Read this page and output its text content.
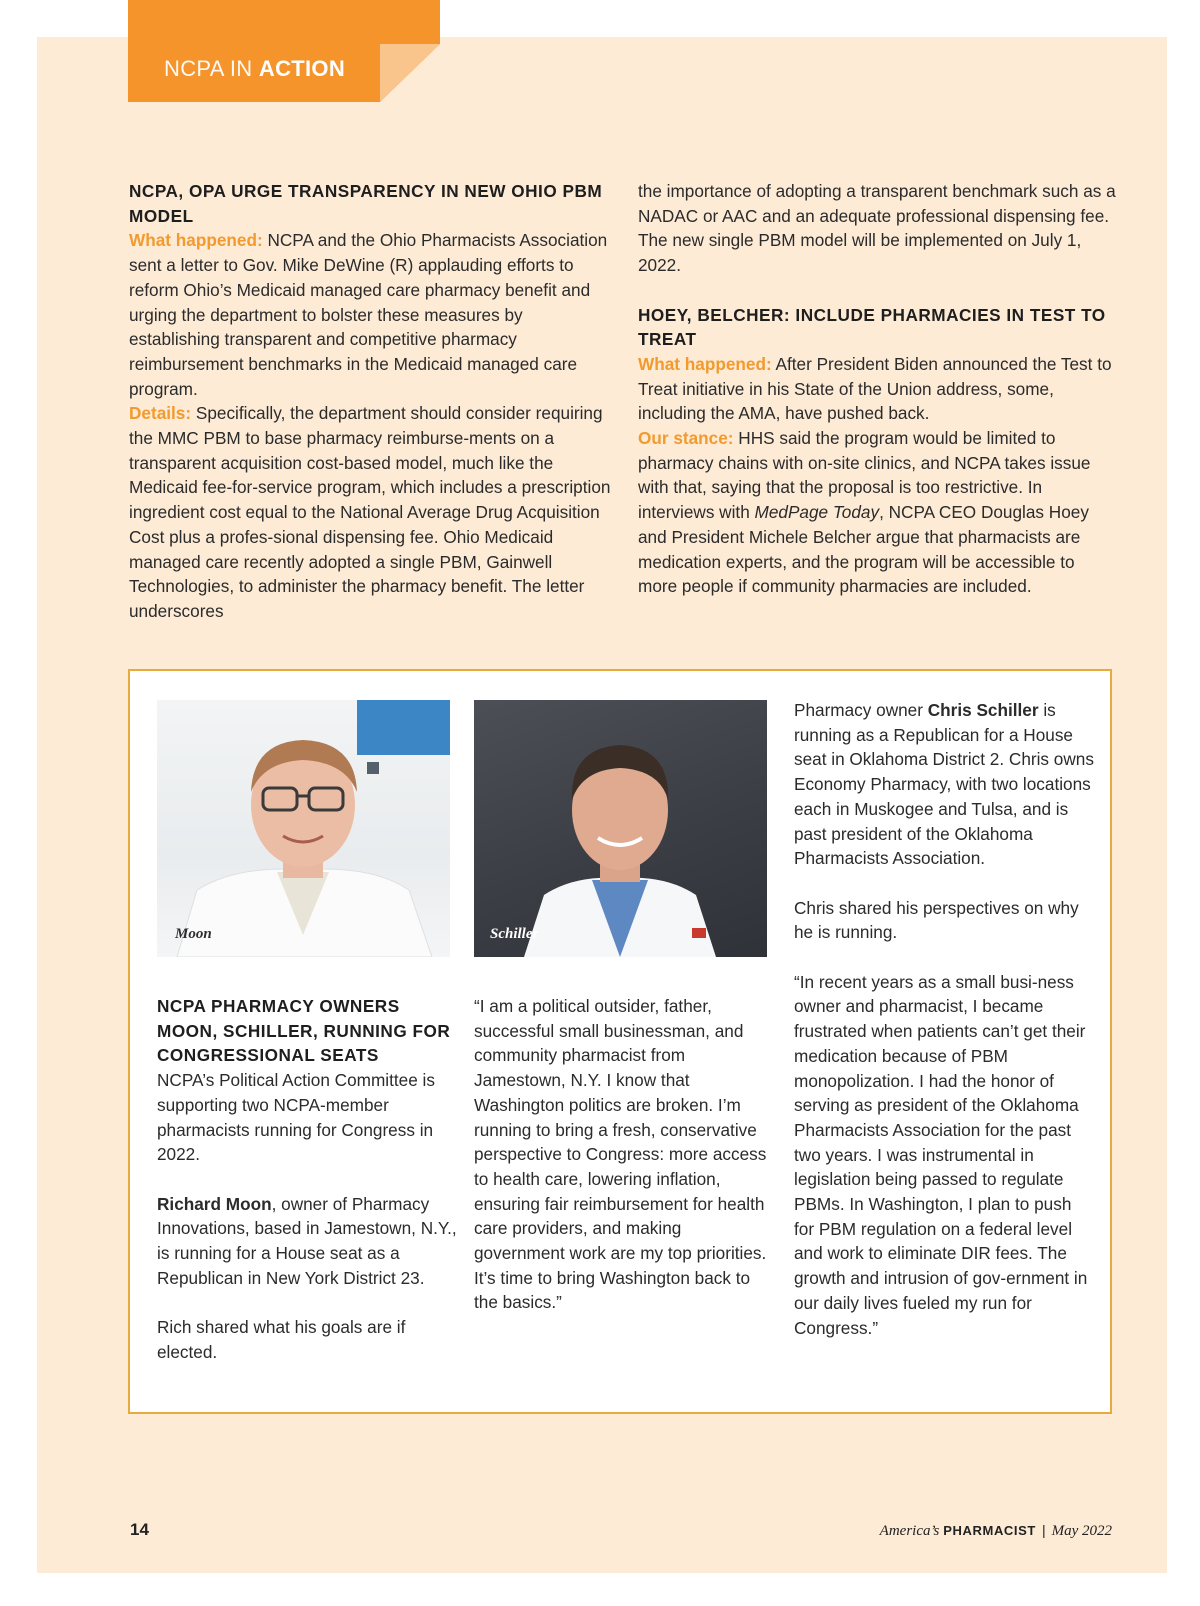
NCPA IN ACTION

NCPA, OPA URGE TRANSPARENCY IN NEW OHIO PBM MODEL

What happened: NCPA and the Ohio Pharmacists Association sent a letter to Gov. Mike DeWine (R) applauding efforts to reform Ohio’s Medicaid managed care pharmacy benefit and urging the department to bolster these measures by establishing transparent and competitive pharmacy reimbursement benchmarks in the Medicaid managed care program.

Details: Specifically, the department should consider requiring the MMC PBM to base pharmacy reimburse-ments on a transparent acquisition cost-based model, much like the Medicaid fee-for-service program, which includes a prescription ingredient cost equal to the National Average Drug Acquisition Cost plus a profes-sional dispensing fee. Ohio Medicaid managed care recently adopted a single PBM, Gainwell Technologies, to administer the pharmacy benefit. The letter underscores

the importance of adopting a transparent benchmark such as a NADAC or AAC and an adequate professional dispensing fee. The new single PBM model will be implemented on July 1, 2022.

HOEY, BELCHER: INCLUDE PHARMACIES IN TEST TO TREAT

What happened: After President Biden announced the Test to Treat initiative in his State of the Union address, some, including the AMA, have pushed back.

Our stance: HHS said the program would be limited to pharmacy chains with on-site clinics, and NCPA takes issue with that, saying that the proposal is too restrictive. In interviews with MedPage Today, NCPA CEO Douglas Hoey and President Michele Belcher argue that pharmacists are medication experts, and the program will be accessible to more people if community pharmacies are included.

Moon	Schiller

NCPA PHARMACY OWNERS MOON, SCHILLER, RUNNING FOR CONGRESSIONAL SEATS

NCPA’s Political Action Committee is supporting two NCPA-member pharmacists running for Congress in 2022.

Richard Moon, owner of Pharmacy Innovations, based in Jamestown, N.Y., is running for a House seat as a Republican in New York District 23.

Rich shared what his goals are if elected.

“I am a political outsider, father, successful small businessman, and community pharmacist from Jamestown, N.Y. I know that Washington politics are broken. I’m running to bring a fresh, conservative perspective to Congress: more access to health care, lowering inflation, ensuring fair reimbursement for health care providers, and making government work are my top priorities. It’s time to bring Washington back to the basics.”

Pharmacy owner Chris Schiller is running as a Republican for a House seat in Oklahoma District 2. Chris owns Economy Pharmacy, with two locations each in Muskogee and Tulsa, and is past president of the Oklahoma Pharmacists Association.

Chris shared his perspectives on why he is running.

“In recent years as a small busi-ness owner and pharmacist, I became frustrated when patients can’t get their medication because of PBM monopolization. I had the honor of serving as president of the Oklahoma Pharmacists Association for the past two years. I was instrumental in legislation being passed to regulate PBMs. In Washington, I plan to push for PBM regulation on a federal level and work to eliminate DIR fees. The growth and intrusion of gov-ernment in our daily lives fueled my run for Congress.”

14	America’s PHARMACIST | May 2022
